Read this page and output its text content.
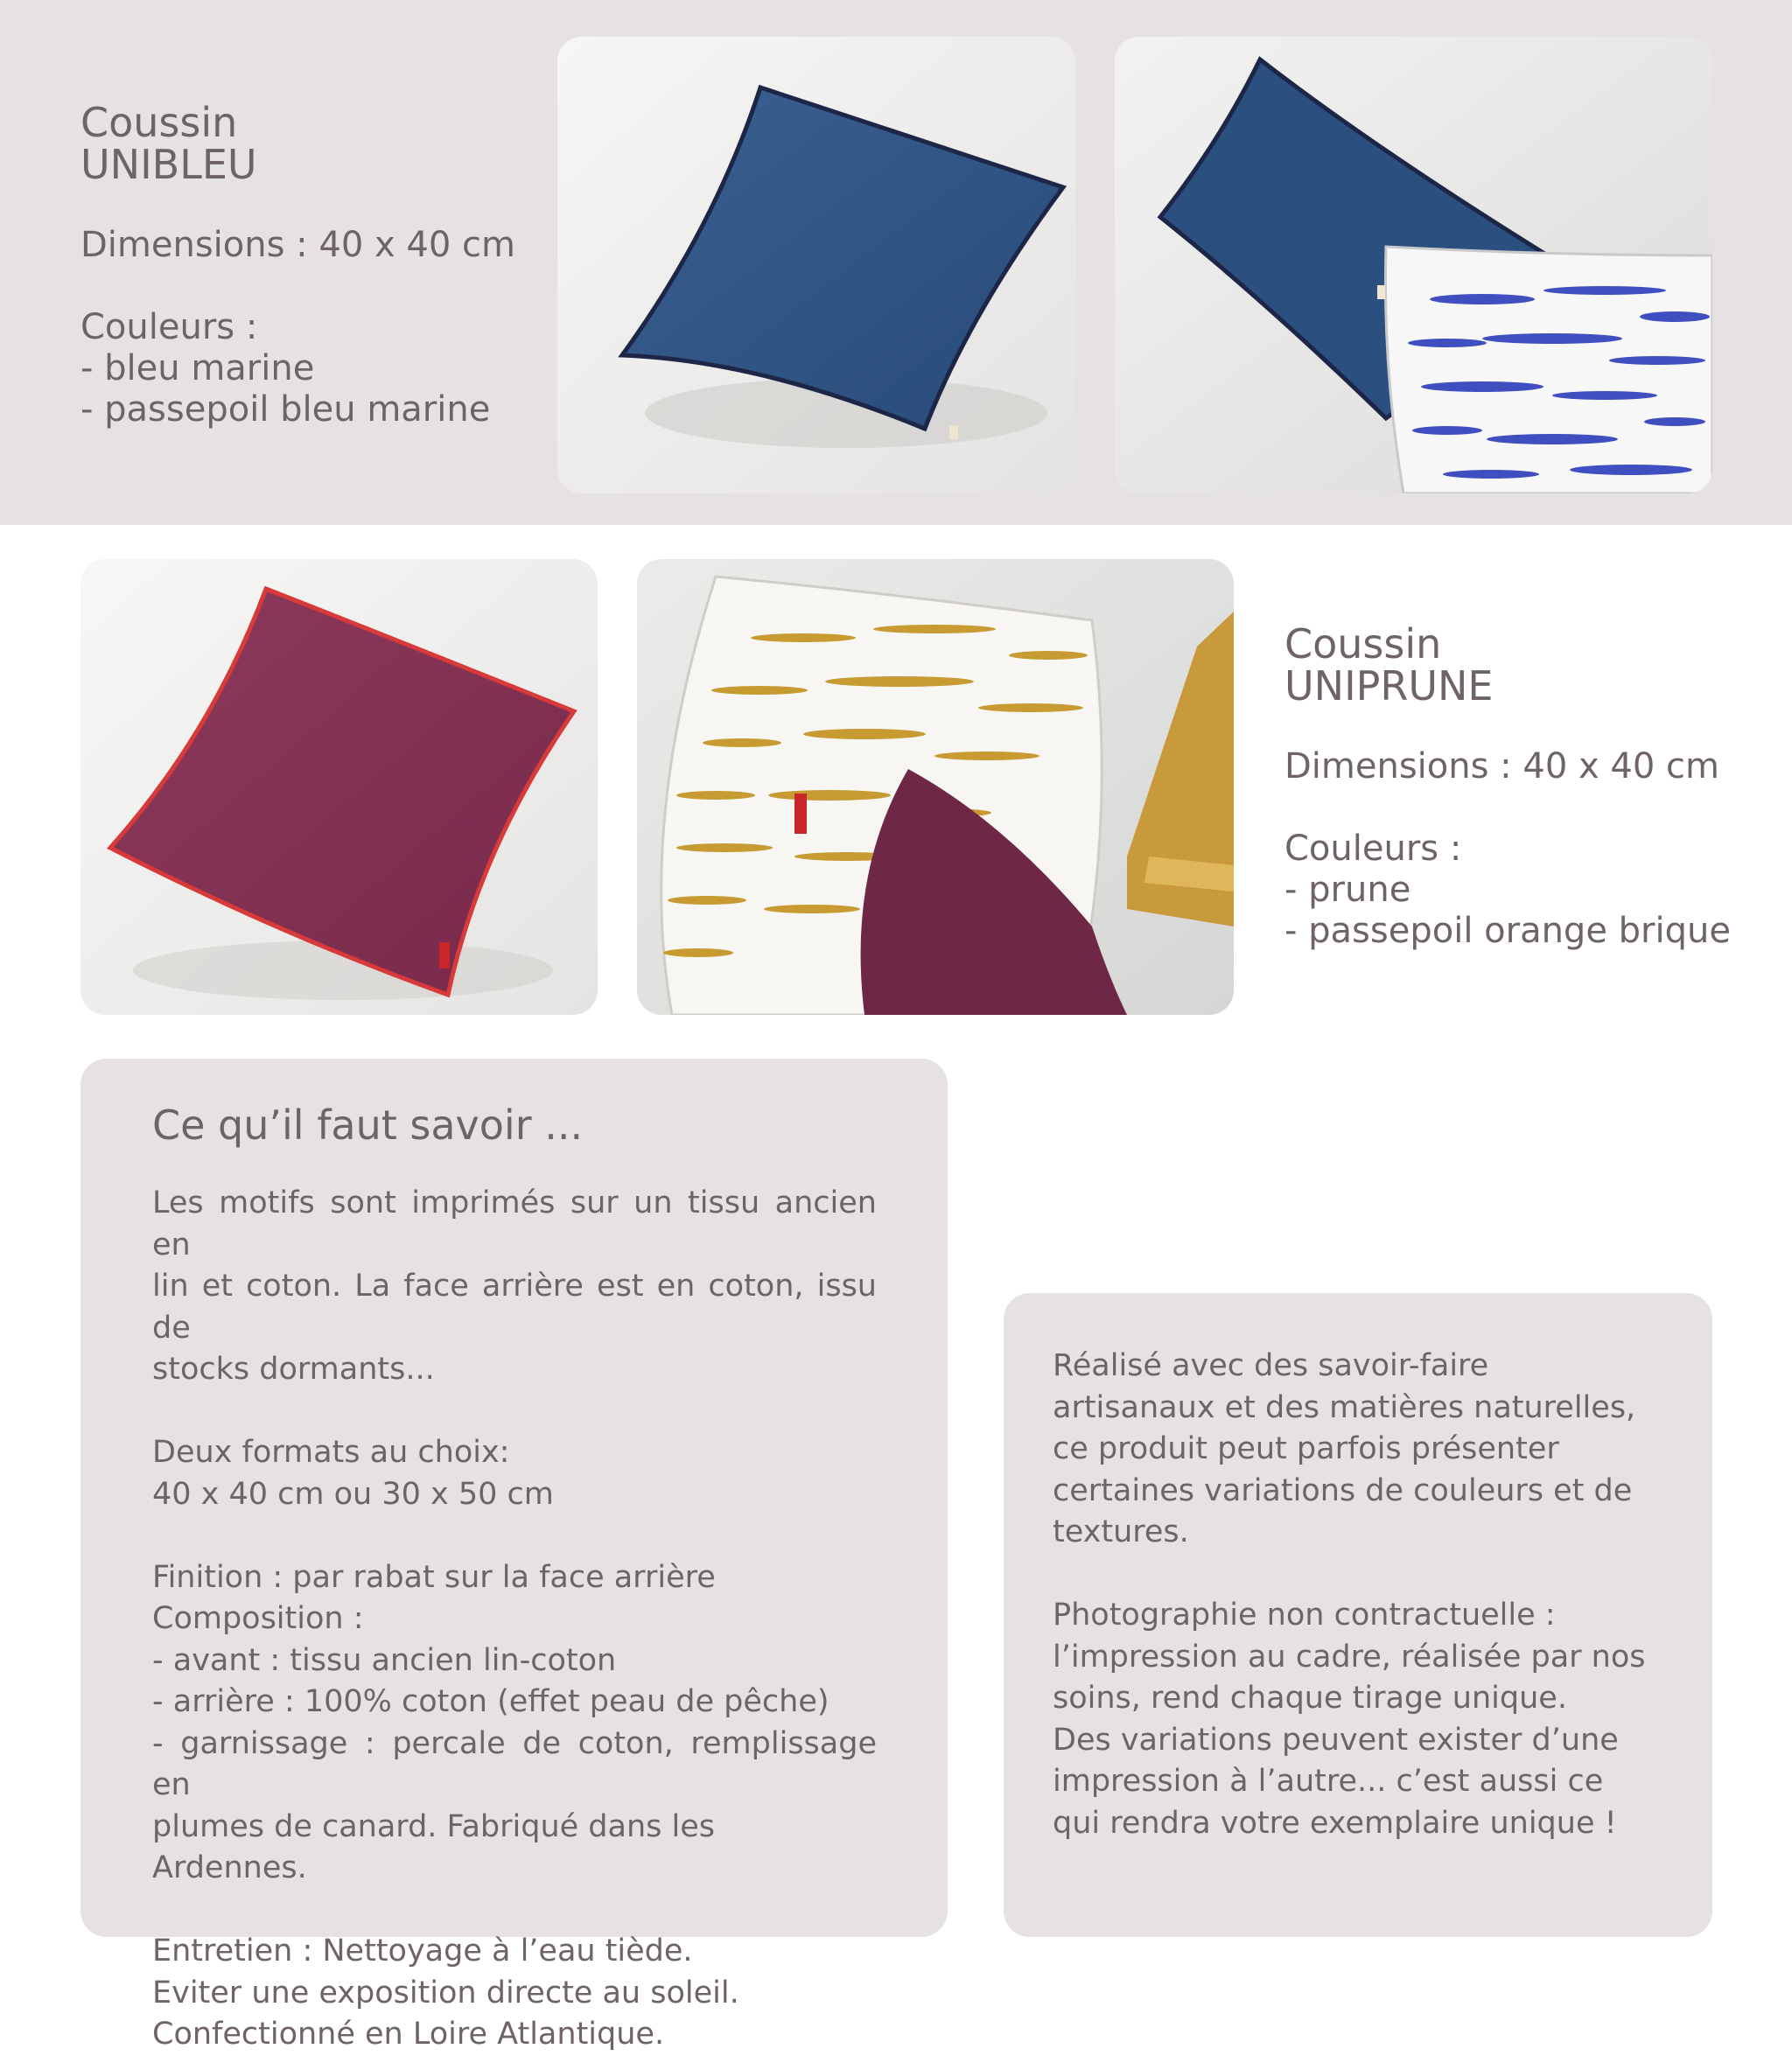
Coussin
UNIBLEU
Dimensions : 40 x 40 cm
Couleurs :
- bleu marine
- passepoil bleu marine
Coussin
UNIPRUNE
Dimensions : 40 x 40 cm
Couleurs :
- prune
- passepoil orange brique
Ce qu’il faut savoir ...
Les motifs sont imprimés sur un tissu ancien en
lin et coton. La face arrière est en coton, issu de
stocks dormants...
Deux formats au choix:
40 x 40 cm ou 30 x 50 cm
Finition : par rabat sur la face arrière
Composition :
- avant : tissu ancien lin-coton
- arrière : 100% coton (effet peau de pêche)
- garnissage : percale de coton, remplissage en
plumes de canard. Fabriqué dans les Ardennes.
Entretien : Nettoyage à l’eau tiède.
Eviter une exposition directe au soleil.
Confectionné en Loire Atlantique.
Réalisé avec des savoir-faire
artisanaux et des matières naturelles,
ce produit peut parfois présenter
certaines variations de couleurs et de
textures.
Photographie non contractuelle :
l’impression au cadre, réalisée par nos
soins, rend chaque tirage unique.
Des variations peuvent exister d’une
impression à l’autre... c’est aussi ce
qui rendra votre exemplaire unique !
